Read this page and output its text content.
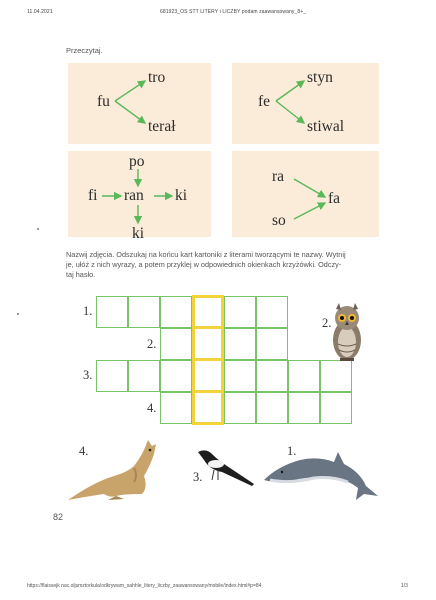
11.04.2021	681923_OS STT LITERY i LICZBY podam zaawansowany_8+_
Przeczytaj.
fu
tro
terał
fe
styn
stiwal
po
fi ran ki
ki
ra
so
fa
Nazwij zdjęcia. Odszukaj na końcu kart kartoniki z literami tworzącymi te nazwy. Wytnij
je, ułóż z nich wyrazy, a potem przyklej w odpowiednich okienkach krzyżówki. Odczy-
taj hasło.
1.
2.
3.
4.
2.
4.
3.
1.
82
https://flaissejk nac.oljsmztorkula/odkrywam_sahhle_litery_liczby_zaawansowany/mobile/index.html#p=84	1/3
